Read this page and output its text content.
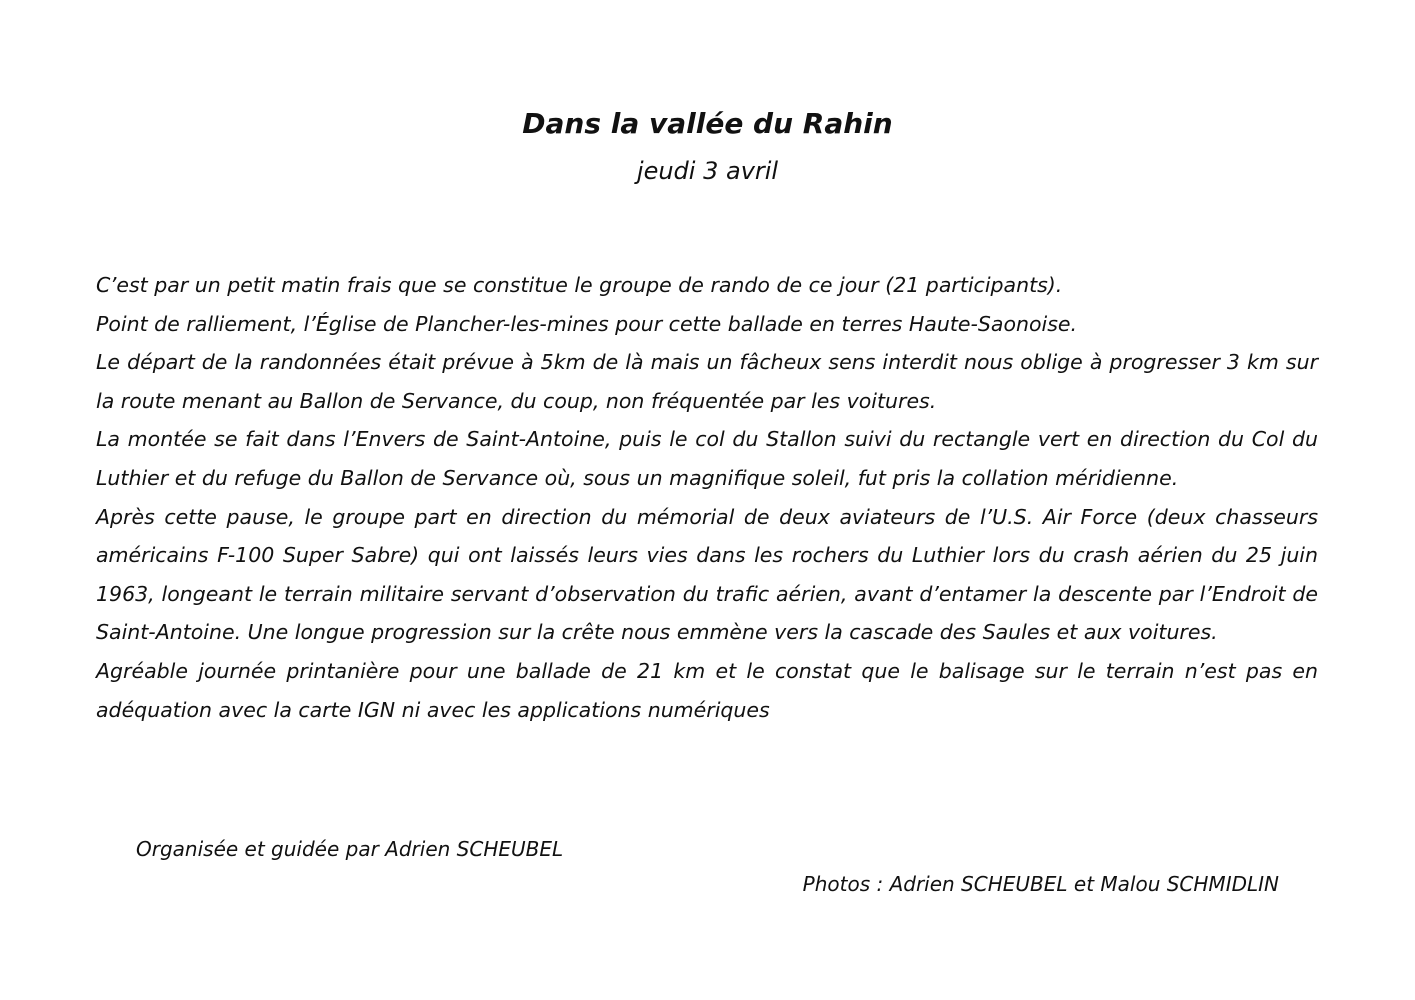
Dans la vallée du Rahin
jeudi 3 avril

C’est par un petit matin frais que se constitue le groupe de rando de ce jour (21 participants).

Point de ralliement, l’Église de Plancher-les-mines pour cette ballade en terres Haute-Saonoise.

Le départ de la randonnées était prévue à 5km de là mais un fâcheux sens interdit nous oblige à progresser 3 km sur la route menant au Ballon de Servance, du coup, non fréquentée par les voitures.

La montée se fait dans l’Envers de Saint-Antoine, puis le col du Stallon suivi du rectangle vert en direction du Col du Luthier et du refuge du Ballon de Servance où, sous un magnifique soleil, fut pris la collation méridienne.

Après cette pause, le groupe part en direction du mémorial de deux aviateurs de l’U.S. Air Force (deux chasseurs américains F-100 Super Sabre) qui ont laissés leurs vies dans les rochers du Luthier lors du crash aérien du 25 juin 1963, longeant le terrain militaire servant d’observation du trafic aérien, avant d’entamer la descente par l’Endroit de Saint-Antoine. Une longue progression sur la crête nous emmène vers la cascade des Saules et aux voitures.

Agréable journée printanière pour une ballade de 21 km et le constat que le balisage sur le terrain n’est pas en adéquation avec la carte IGN ni avec les applications numériques

Organisée et guidée par Adrien SCHEUBEL
Photos : Adrien SCHEUBEL et Malou SCHMIDLIN
